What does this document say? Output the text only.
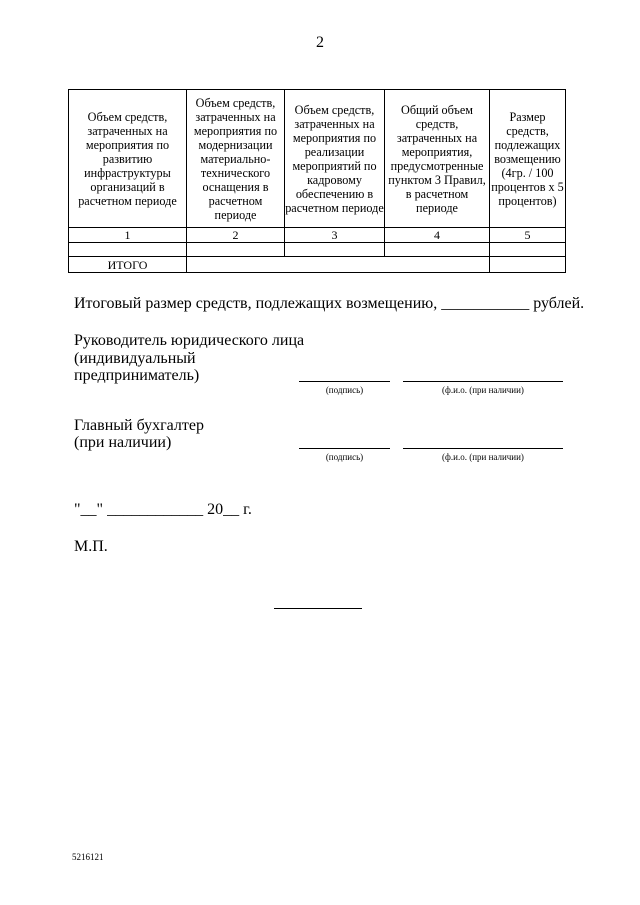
2
Объем средств, затраченных на мероприятия по развитию инфраструктуры организаций в расчетном периоде	Объем средств, затраченных на мероприятия по модернизации материально-технического оснащения в расчетном периоде	Объем средств, затраченных на мероприятия по реализации мероприятий по кадровому обеспечению в расчетном периоде	Общий объем средств, затраченных на мероприятия, предусмотренные пунктом 3 Правил, в расчетном периоде	Размер средств, подлежащих возмещению (4гр. / 100 процентов x 5 процентов)
1	2	3	4	5

ИТОГО				
Итоговый размер средств, подлежащих возмещению, ___________ рублей.
Руководитель юридического лица
(индивидуальный
предприниматель)
(подпись)	(ф.и.о. (при наличии)
Главный бухгалтер
(при наличии)
(подпись)	(ф.и.о. (при наличии)
"__" ____________ 20__ г.
М.П.
5216121
